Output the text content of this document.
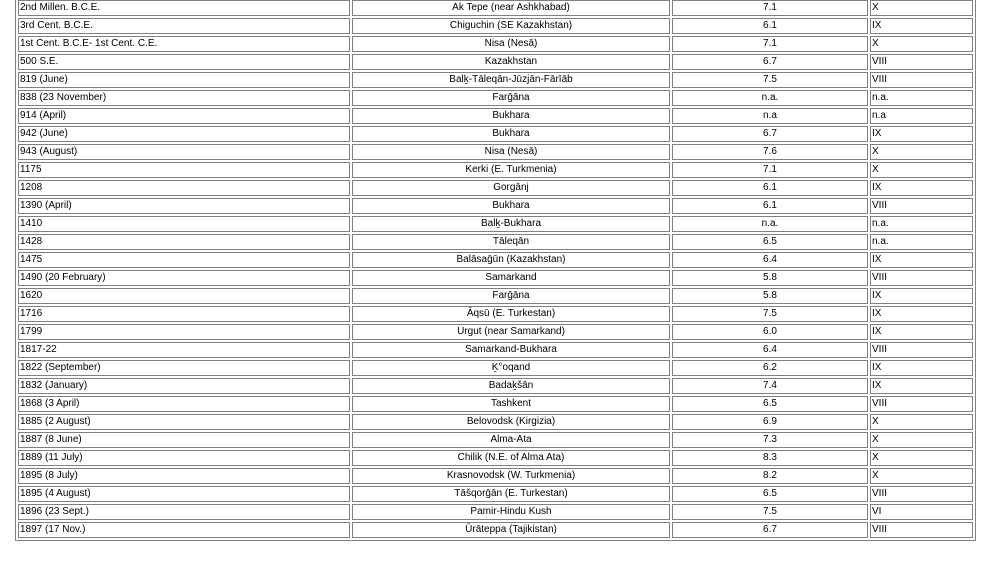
2nd Millen. B.C.E.	Ak Tepe (near Ashkhabad)	7.1	X
3rd Cent. B.C.E.	Chiguchin (SE Kazakhstan)	6.1	IX
1st Cent. B.C.E- 1st Cent. C.E.	Nisa (Nesā)	7.1	X
500 S.E.	Kazakhstan	6.7	VIII
819 (June)	Balḵ-Tāleqān-Jūzjān-Fārīāb	7.5	VIII
838 (23 November)	Farḡāna	n.a.	n.a.
914 (April)	Bukhara	n.a	n.a
942 (June)	Bukhara	6.7	IX
943 (August)	Nisa (Nesā)	7.6	X
1175	Kerki (E. Turkmenia)	7.1	X
1208	Gorgānj	6.1	IX
1390 (April)	Bukhara	6.1	VIII
1410	Balḵ-Bukhara	n.a.	n.a.
1428	Tāleqān	6.5	n.a.
1475	Balāsaḡūn (Kazakhstan)	6.4	IX
1490 (20 February)	Samarkand	5.8	VIII
1620	Farḡāna	5.8	IX
1716	Āqsū (E. Turkestan)	7.5	IX
1799	Urgut (near Samarkand)	6.0	IX
1817-22	Samarkand-Bukhara	6.4	VIII
1822 (September)	Ḵ°oqand	6.2	IX
1832 (January)	Badaḵšān	7.4	IX
1868 (3 April)	Tashkent	6.5	VIII
1885 (2 August)	Belovodsk (Kirgizia)	6.9	X
1887 (8 June)	Alma-Ata	7.3	X
1889 (11 July)	Chilik (N.E. of Alma Ata)	8.3	X
1895 (8 July)	Krasnovodsk (W. Turkmenia)	8.2	X
1895 (4 August)	Tāšqorḡān (E. Turkestan)	6.5	VIII
1896 (23 Sept.)	Pamir-Hindu Kush	7.5	VI
1897 (17 Nov.)	Ūrāteppa (Tajikistan)	6.7	VIII
